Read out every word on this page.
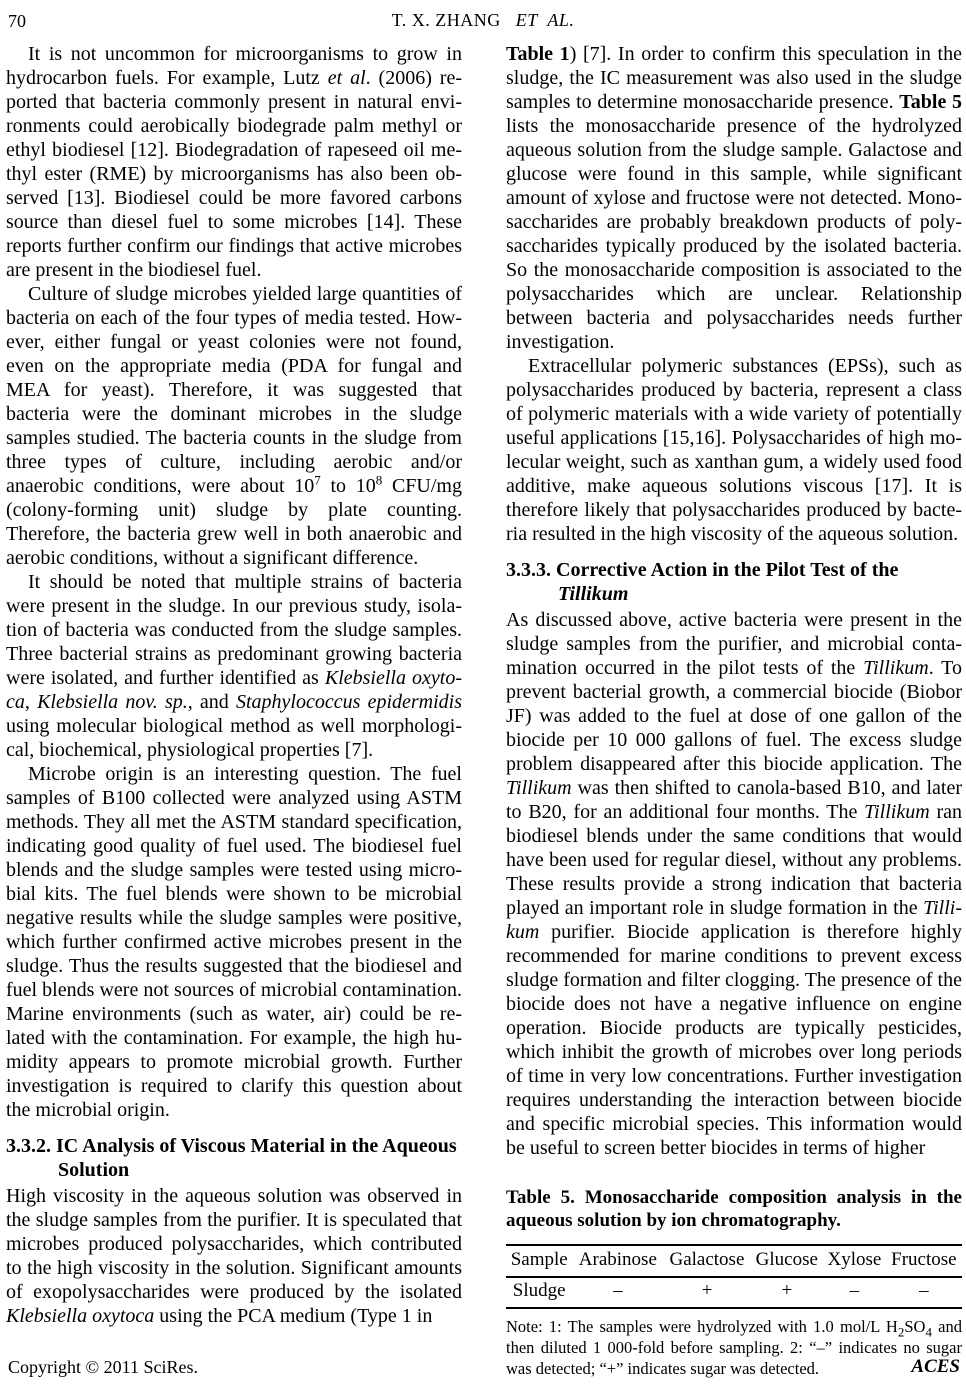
70	T. X. ZHANG   ET  AL.
It is not uncommon for microorganisms to grow in hydrocarbon fuels. For example, Lutz et al. (2006) reported that bacteria commonly present in natural environments could aerobically biodegrade palm methyl or ethyl biodiesel [12]. Biodegradation of rapeseed oil methyl ester (RME) by microorganisms has also been observed [13]. Biodiesel could be more favored carbons source than diesel fuel to some microbes [14]. These reports further confirm our findings that active microbes are present in the biodiesel fuel.
Culture of sludge microbes yielded large quantities of bacteria on each of the four types of media tested. However, either fungal or yeast colonies were not found, even on the appropriate media (PDA for fungal and MEA for yeast). Therefore, it was suggested that bacteria were the dominant microbes in the sludge samples studied. The bacteria counts in the sludge from three types of culture, including aerobic and/or anaerobic conditions, were about $10^7$ to $10^8$ CFU/mg (colony-forming unit) sludge by plate counting. Therefore, the bacteria grew well in both anaerobic and aerobic conditions, without a significant difference.
It should be noted that multiple strains of bacteria were present in the sludge. In our previous study, isolation of bacteria was conducted from the sludge samples. Three bacterial strains as predominant growing bacteria were isolated, and further identified as Klebsiella oxytoca, Klebsiella nov. sp., and Staphylococcus epidermidis using molecular biological method as well morphological, biochemical, physiological properties [7].
Microbe origin is an interesting question. The fuel samples of B100 collected were analyzed using ASTM methods. They all met the ASTM standard specification, indicating good quality of fuel used. The biodiesel fuel blends and the sludge samples were tested using microbial kits. The fuel blends were shown to be microbial negative results while the sludge samples were positive, which further confirmed active microbes present in the sludge. Thus the results suggested that the biodiesel and fuel blends were not sources of microbial contamination. Marine environments (such as water, air) could be related with the contamination. For example, the high humidity appears to promote microbial growth. Further investigation is required to clarify this question about the microbial origin.
3.3.2. IC Analysis of Viscous Material in the Aqueous
Solution
High viscosity in the aqueous solution was observed in the sludge samples from the purifier. It is speculated that microbes produced polysaccharides, which contributed to the high viscosity in the solution. Significant amounts of exopolysaccharides were produced by the isolated Klebsiella oxytoca using the PCA medium (Type 1 in
Table 1) [7]. In order to confirm this speculation in the sludge, the IC measurement was also used in the sludge samples to determine monosaccharide presence. Table 5 lists the monosaccharide presence of the hydrolyzed aqueous solution from the sludge sample. Galactose and glucose were found in this sample, while significant amount of xylose and fructose were not detected. Monosaccharides are probably breakdown products of polysaccharides typically produced by the isolated bacteria. So the monosaccharide composition is associated to the polysaccharides which are unclear. Relationship between bacteria and polysaccharides needs further investigation.
Extracellular polymeric substances (EPSs), such as polysaccharides produced by bacteria, represent a class of polymeric materials with a wide variety of potentially useful applications [15,16]. Polysaccharides of high molecular weight, such as xanthan gum, a widely used food additive, make aqueous solutions viscous [17]. It is therefore likely that polysaccharides produced by bacteria resulted in the high viscosity of the aqueous solution.
3.3.3. Corrective Action in the Pilot Test of the
Tillikum
As discussed above, active bacteria were present in the sludge samples from the purifier, and microbial contamination occurred in the pilot tests of the Tillikum. To prevent bacterial growth, a commercial biocide (Biobor JF) was added to the fuel at dose of one gallon of the biocide per 10 000 gallons of fuel. The excess sludge problem disappeared after this biocide application. The Tillikum was then shifted to canola-based B10, and later to B20, for an additional four months. The Tillikum ran biodiesel blends under the same conditions that would have been used for regular diesel, without any problems. These results provide a strong indication that bacteria played an important role in sludge formation in the Tillikum purifier. Biocide application is therefore highly recommended for marine conditions to prevent excess sludge formation and filter clogging. The presence of the biocide does not have a negative influence on engine operation. Biocide products are typically pesticides, which inhibit the growth of microbes over long periods of time in very low concentrations. Further investigation requires understanding the interaction between biocide and specific microbial species. This information would be useful to screen better biocides in terms of higher
Table 5. Monosaccharide composition analysis in the aqueous solution by ion chromatography.
Sample	Arabinose	Galactose	Glucose	Xylose	Fructose
Sludge	–	+	+	–	–
Note: 1: The samples were hydrolyzed with 1.0 mol/L $H_2SO_4$ and then diluted 1 000-fold before sampling. 2: “–” indicates no sugar was detected; “+” indicates sugar was detected.
Copyright © 2011 SciRes.	ACES
